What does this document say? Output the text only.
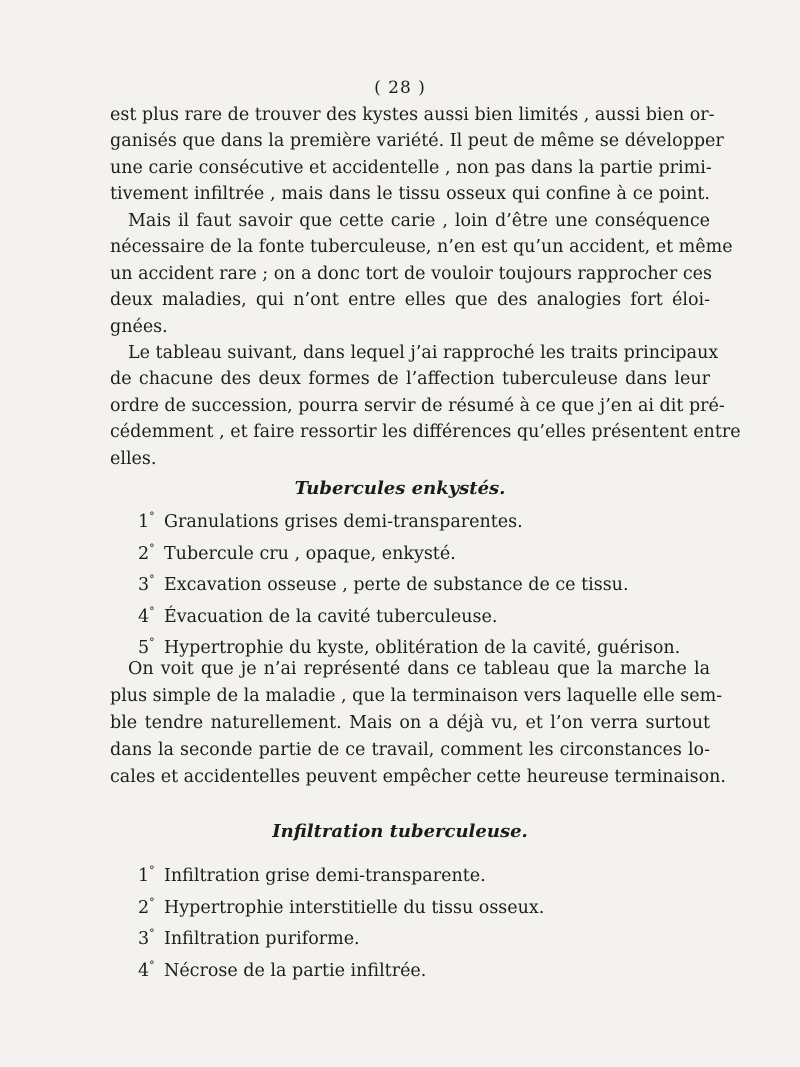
( 28 )
est plus rare de trouver des kystes aussi bien limités , aussi bien or-
ganisés que dans la première variété. Il peut de même se développer
une carie consécutive et accidentelle , non pas dans la partie primi-
tivement infiltrée , mais dans le tissu osseux qui confine à ce point.
Mais il faut savoir que cette carie , loin d’être une conséquence
nécessaire de la fonte tuberculeuse, n’en est qu’un accident, et même
un accident rare ; on a donc tort de vouloir toujours rapprocher ces
deux maladies, qui n’ont entre elles que des analogies fort éloi-
gnées.
Le tableau suivant, dans lequel j’ai rapproché les traits principaux
de chacune des deux formes de l’affection tuberculeuse dans leur
ordre de succession, pourra servir de résumé à ce que j’en ai dit pré-
cédemment , et faire ressortir les différences qu’elles présentent entre
elles.
Tubercules enkystés.
1° Granulations grises demi-transparentes.
2° Tubercule cru , opaque, enkysté.
3° Excavation osseuse , perte de substance de ce tissu.
4° Évacuation de la cavité tuberculeuse.
5° Hypertrophie du kyste, oblitération de la cavité, guérison.
On voit que je n’ai représenté dans ce tableau que la marche la
plus simple de la maladie , que la terminaison vers laquelle elle sem-
ble tendre naturellement. Mais on a déjà vu, et l’on verra surtout
dans la seconde partie de ce travail, comment les circonstances lo-
cales et accidentelles peuvent empêcher cette heureuse terminaison.
Infiltration tuberculeuse.
1° Infiltration grise demi-transparente.
2° Hypertrophie interstitielle du tissu osseux.
3° Infiltration puriforme.
4° Nécrose de la partie infiltrée.
